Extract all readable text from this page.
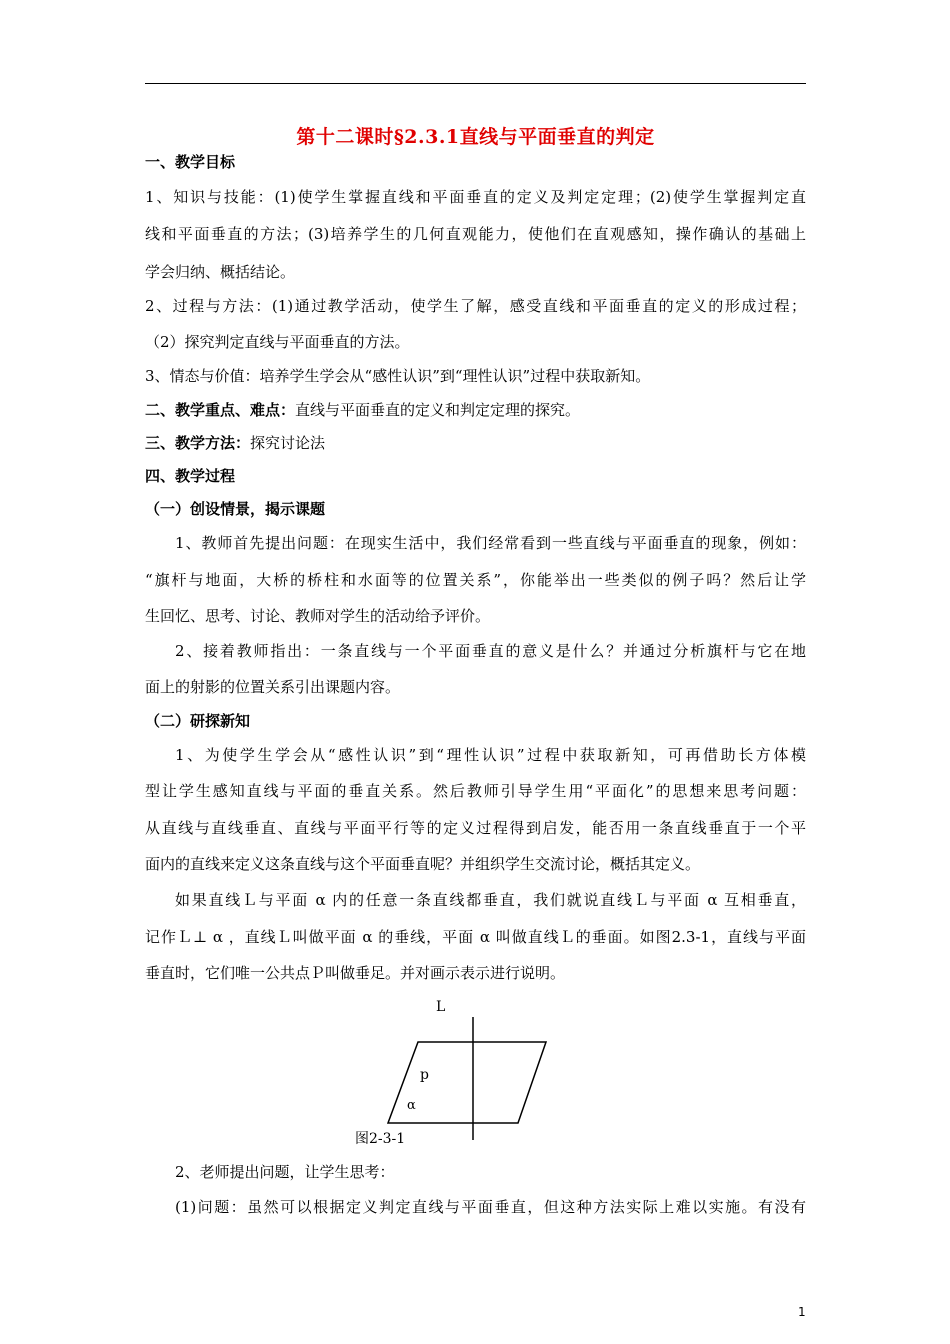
第十二课时§2.3.1直线与平面垂直的判定
一、教学目标
1、知识与技能：(1)使学生掌握直线和平面垂直的定义及判定定理；(2)使学生掌握判定直
线和平面垂直的方法；(3)培养学生的几何直观能力，使他们在直观感知，操作确认的基础上
学会归纳、概括结论。
2、过程与方法：(1)通过教学活动，使学生了解，感受直线和平面垂直的定义的形成过程；
（2）探究判定直线与平面垂直的方法。
3、情态与价值：培养学生学会从“感性认识”到“理性认识”过程中获取新知。
二、教学重点、难点：直线与平面垂直的定义和判定定理的探究。
三、教学方法：探究讨论法
四、教学过程
（一）创设情景，揭示课题
1、教师首先提出问题：在现实生活中，我们经常看到一些直线与平面垂直的现象，例如：
“旗杆与地面，大桥的桥柱和水面等的位置关系”，你能举出一些类似的例子吗？然后让学
生回忆、思考、讨论、教师对学生的活动给予评价。
2、接着教师指出：一条直线与一个平面垂直的意义是什么？并通过分析旗杆与它在地
面上的射影的位置关系引出课题内容。
（二）研探新知
1、为使学生学会从“感性认识”到“理性认识”过程中获取新知，可再借助长方体模
型让学生感知直线与平面的垂直关系。然后教师引导学生用“平面化”的思想来思考问题：
从直线与直线垂直、直线与平面平行等的定义过程得到启发，能否用一条直线垂直于一个平
面内的直线来定义这条直线与这个平面垂直呢？并组织学生交流讨论，概括其定义。
如果直线Ｌ与平面 α 内的任意一条直线都垂直，我们就说直线Ｌ与平面 α 互相垂直，
记作Ｌ⊥ α ，直线Ｌ叫做平面 α 的垂线，平面 α 叫做直线Ｌ的垂面。如图2.3-1，直线与平面
垂直时，它们唯一公共点Ｐ叫做垂足。并对画示表示进行说明。
2、老师提出问题，让学生思考：
(1)问题：虽然可以根据定义判定直线与平面垂直，但这种方法实际上难以实施。有没有
L
p
α
图2-3-1
1
